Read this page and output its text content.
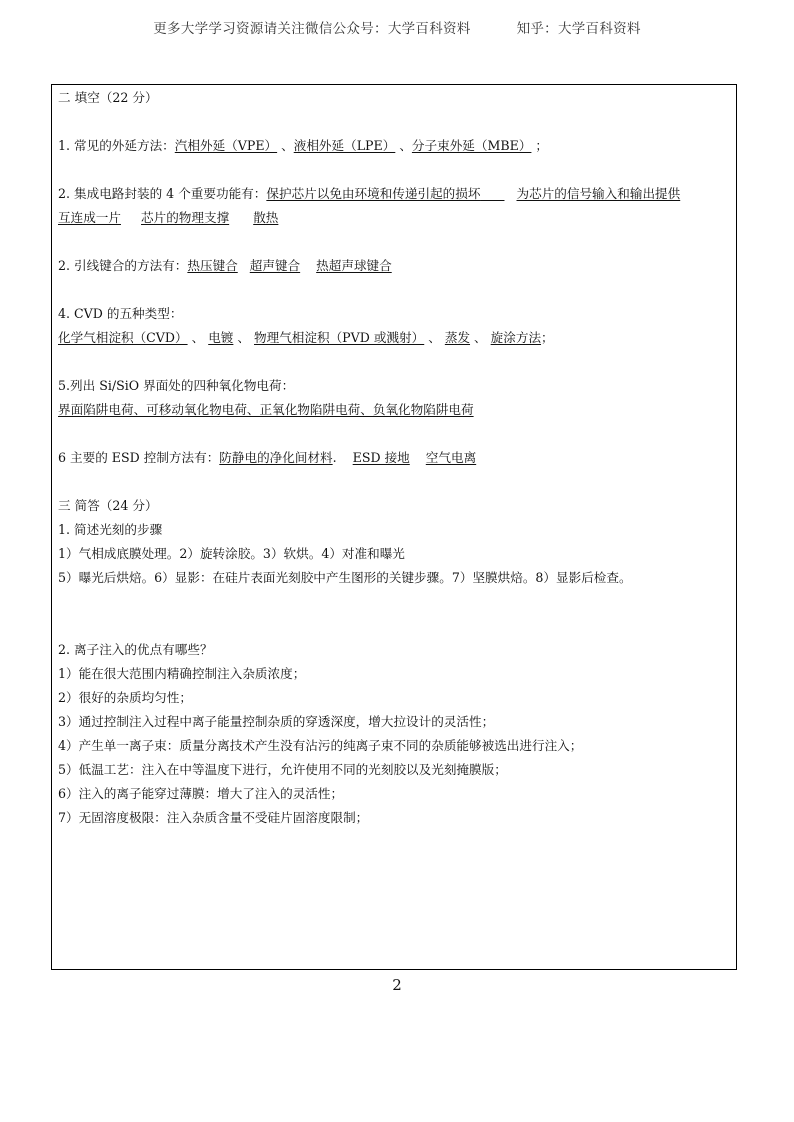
更多大学学习资源请关注微信公众号：大学百科资料	知乎：大学百科资料
二 填空（22 分）
1. 常见的外延方法：汽相外延（VPE） 、液相外延（LPE） 、分子束外延（MBE） ；
2. 集成电路封装的 4 个重要功能有：保护芯片以免由环境和传递引起的损坏	为芯片的信号输入和输出提供
互连成一片 芯片的物理支撑 散热
2. 引线键合的方法有：热压键合 超声键合 热超声球键合
4. CVD 的五种类型：
化学气相淀积（CVD） 、 电镀 、 物理气相淀积（PVD 或溅射） 、 蒸发 、 旋涂方法；
5.列出 Si/SiO 界面处的四种氧化物电荷：
界面陷阱电荷、可移动氧化物电荷、正氧化物陷阱电荷、负氧化物陷阱电荷
6 主要的 ESD 控制方法有：防静电的净化间材料.    ESD 接地 空气电离
三 简答（24 分）
1. 简述光刻的步骤
1）气相成底膜处理。2）旋转涂胶。3）软烘。4）对准和曝光
5）曝光后烘焙。6）显影：在硅片表面光刻胶中产生图形的关键步骤。7）坚膜烘焙。8）显影后检查。
2. 离子注入的优点有哪些？
1）能在很大范围内精确控制注入杂质浓度；
2）很好的杂质均匀性；
3）通过控制注入过程中离子能量控制杂质的穿透深度，增大拉设计的灵活性；
4）产生单一离子束：质量分离技术产生没有沾污的纯离子束不同的杂质能够被选出进行注入；
5）低温工艺：注入在中等温度下进行，允许使用不同的光刻胶以及光刻掩膜版；
6）注入的离子能穿过薄膜：增大了注入的灵活性；
7）无固溶度极限：注入杂质含量不受硅片固溶度限制；
2
